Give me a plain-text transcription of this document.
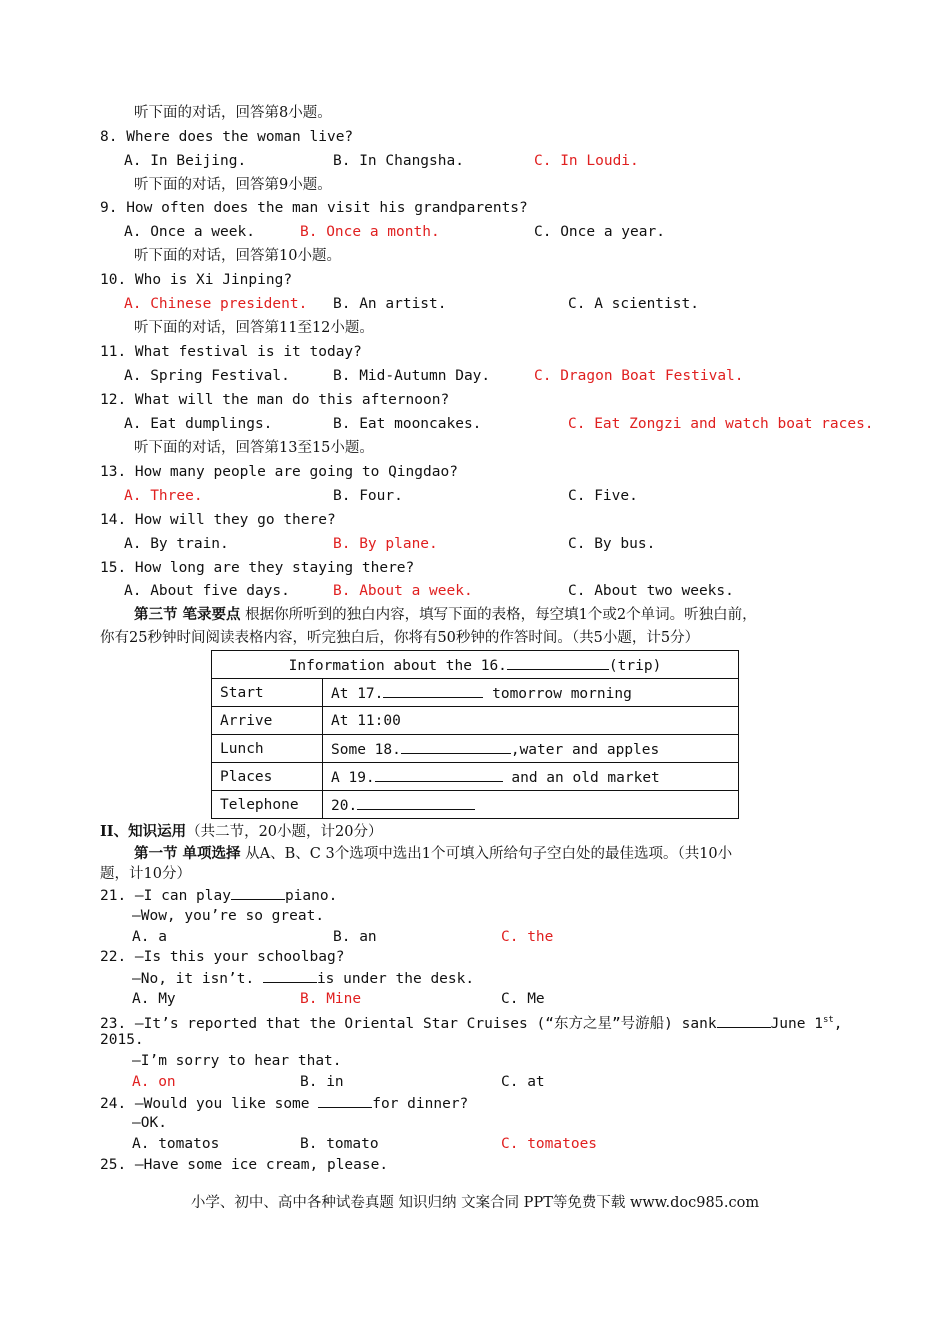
听下面的对话，回答第8小题。
8. Where does the woman live?
A. In Beijing.	B. In Changsha.	C. In Loudi.
听下面的对话，回答第9小题。
9. How often does the man visit his grandparents?
A. Once a week.	B. Once a month.	C. Once a year.
听下面的对话，回答第10小题。
10. Who is Xi Jinping?
A. Chinese president. B. An artist.	C. A scientist.
听下面的对话，回答第11至12小题。
11. What festival is it today?
A. Spring Festival.	B. Mid-Autumn Day.	C. Dragon Boat Festival.
12. What will the man do this afternoon?
A. Eat dumplings.	B. Eat mooncakes.	C. Eat Zongzi and watch boat races.
听下面的对话，回答第13至15小题。
13. How many people are going to Qingdao?
A. Three.	B. Four.	C. Five.
14. How will they go there?
A. By train.	B. By plane.	C. By bus.
15. How long are they staying there?
A. About five days.	B. About a week.	C. About two weeks.
第三节 笔录要点 根据你所听到的独白内容，填写下面的表格，每空填1个或2个单词。听独白前，
你有25秒钟时间阅读表格内容，听完独白后，你将有50秒钟的作答时间。（共5小题，计5分）
Information about the 16. (trip)	
Start	At 17. tomorrow morning
Arrive	At 11:00
Lunch	Some 18. ,water and apples
Places	A 19. and an old market
Telephone	20.
II、知识运用（共二节，20小题，计20分）
第一节 单项选择 从A、B、C 3个选项中选出1个可填入所给句子空白处的最佳选项。（共10小
题，计10分）
21. —I can play	piano.
—Wow, you’re so great.
A. a	B. an	C. the
22. —Is this your schoolbag?
—No, it isn’t.	is under the desk.
A. My	B. Mine	C. Me
23. —It’s reported that the Oriental Star Cruises (“东方之星”号游船) sank	June 1st,
2015.
—I’m sorry to hear that.
A. on	B. in	C. at
24. —Would you like some	for dinner?
—OK.
A. tomatos	B. tomato	C. tomatoes
25. —Have some ice cream, please.
小学、初中、高中各种试卷真题 知识归纳 文案合同 PPT等免费下载 www.doc985.com
